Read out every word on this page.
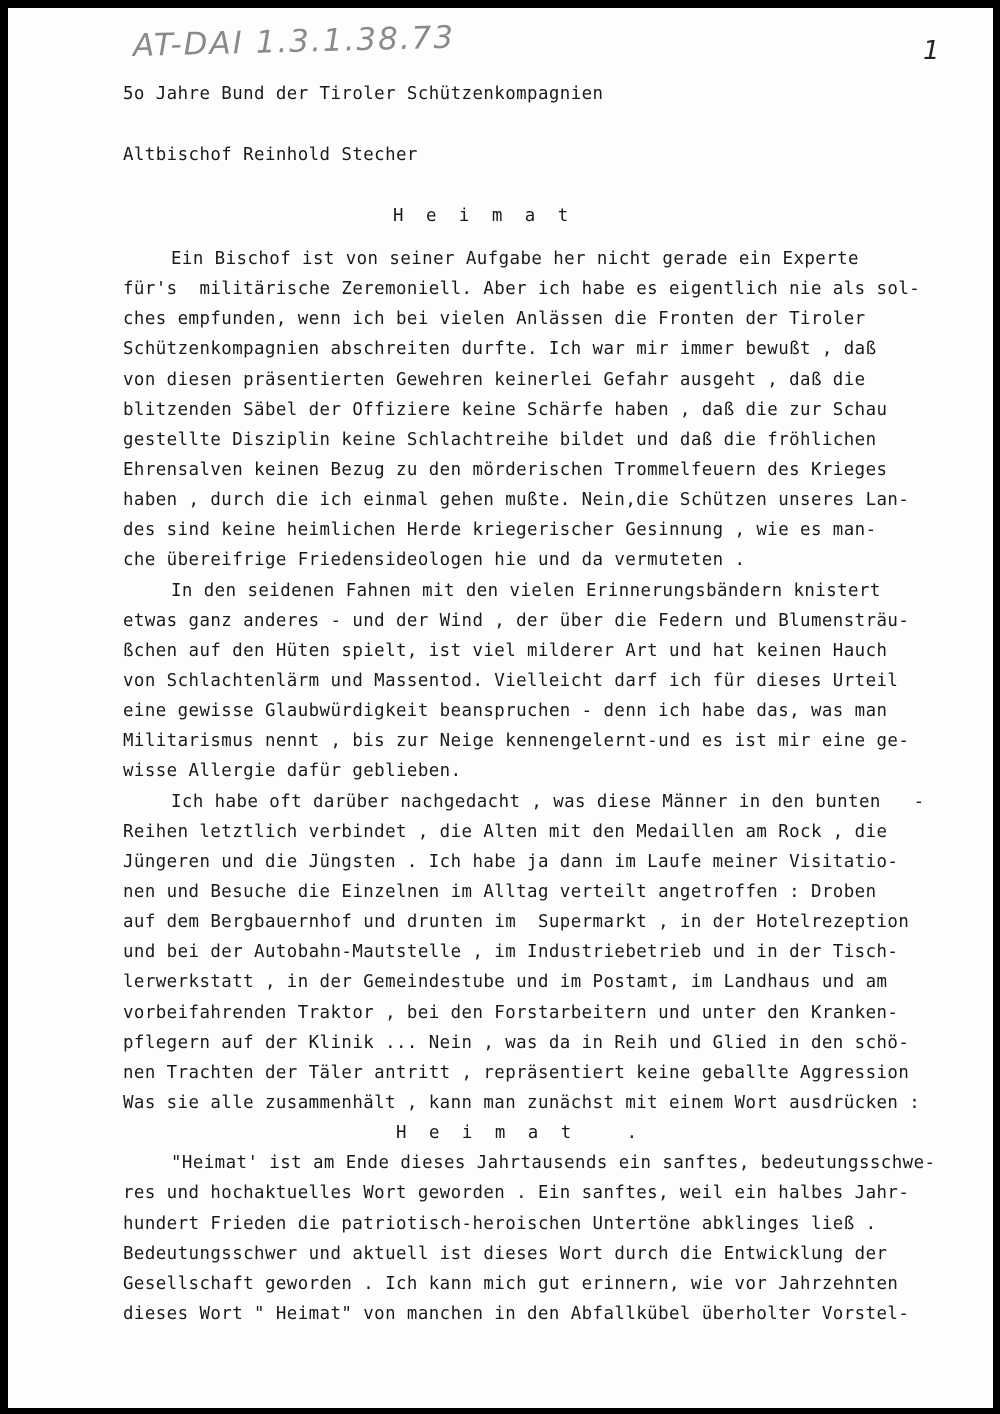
AT-DAI 1.3.1.38.73	1
5o Jahre Bund der Tiroler Schützenkompagnien
Altbischof Reinhold Stecher
H e i m a t
Ein Bischof ist von seiner Aufgabe her nicht gerade ein Experte
für's  militärische Zeremoniell. Aber ich habe es eigentlich nie als sol-
ches empfunden, wenn ich bei vielen Anlässen die Fronten der Tiroler
Schützenkompagnien abschreiten durfte. Ich war mir immer bewußt , daß
von diesen präsentierten Gewehren keinerlei Gefahr ausgeht , daß die
blitzenden Säbel der Offiziere keine Schärfe haben , daß die zur Schau
gestellte Disziplin keine Schlachtreihe bildet und daß die fröhlichen
Ehrensalven keinen Bezug zu den mörderischen Trommelfeuern des Krieges
haben , durch die ich einmal gehen mußte. Nein,die Schützen unseres Lan-
des sind keine heimlichen Herde kriegerischer Gesinnung , wie es man-
che übereifrige Friedensideologen hie und da vermuteten .
In den seidenen Fahnen mit den vielen Erinnerungsbändern knistert
etwas ganz anderes - und der Wind , der über die Federn und Blumensträu-
ßchen auf den Hüten spielt, ist viel milderer Art und hat keinen Hauch
von Schlachtenlärm und Massentod. Vielleicht darf ich für dieses Urteil
eine gewisse Glaubwürdigkeit beanspruchen - denn ich habe das, was man
Militarismus nennt , bis zur Neige kennengelernt-und es ist mir eine ge-
wisse Allergie dafür geblieben.
Ich habe oft darüber nachgedacht , was diese Männer in den bunten   -
Reihen letztlich verbindet , die Alten mit den Medaillen am Rock , die
Jüngeren und die Jüngsten . Ich habe ja dann im Laufe meiner Visitatio-
nen und Besuche die Einzelnen im Alltag verteilt angetroffen : Droben
auf dem Bergbauernhof und drunten im  Supermarkt , in der Hotelrezeption
und bei der Autobahn-Mautstelle , im Industriebetrieb und in der Tisch-
lerwerkstatt , in der Gemeindestube und im Postamt, im Landhaus und am
vorbeifahrenden Traktor , bei den Forstarbeitern und unter den Kranken-
pflegern auf der Klinik ... Nein , was da in Reih und Glied in den schö-
nen Trachten der Täler antritt , repräsentiert keine geballte Aggression
Was sie alle zusammenhält , kann man zunächst mit einem Wort ausdrücken :
H e i m a t   .
"Heimat' ist am Ende dieses Jahrtausends ein sanftes, bedeutungsschwe-
res und hochaktuelles Wort geworden . Ein sanftes, weil ein halbes Jahr-
hundert Frieden die patriotisch-heroischen Untertöne abklinges ließ .
Bedeutungsschwer und aktuell ist dieses Wort durch die Entwicklung der
Gesellschaft geworden . Ich kann mich gut erinnern, wie vor Jahrzehnten
dieses Wort " Heimat" von manchen in den Abfallkübel überholter Vorstel-
